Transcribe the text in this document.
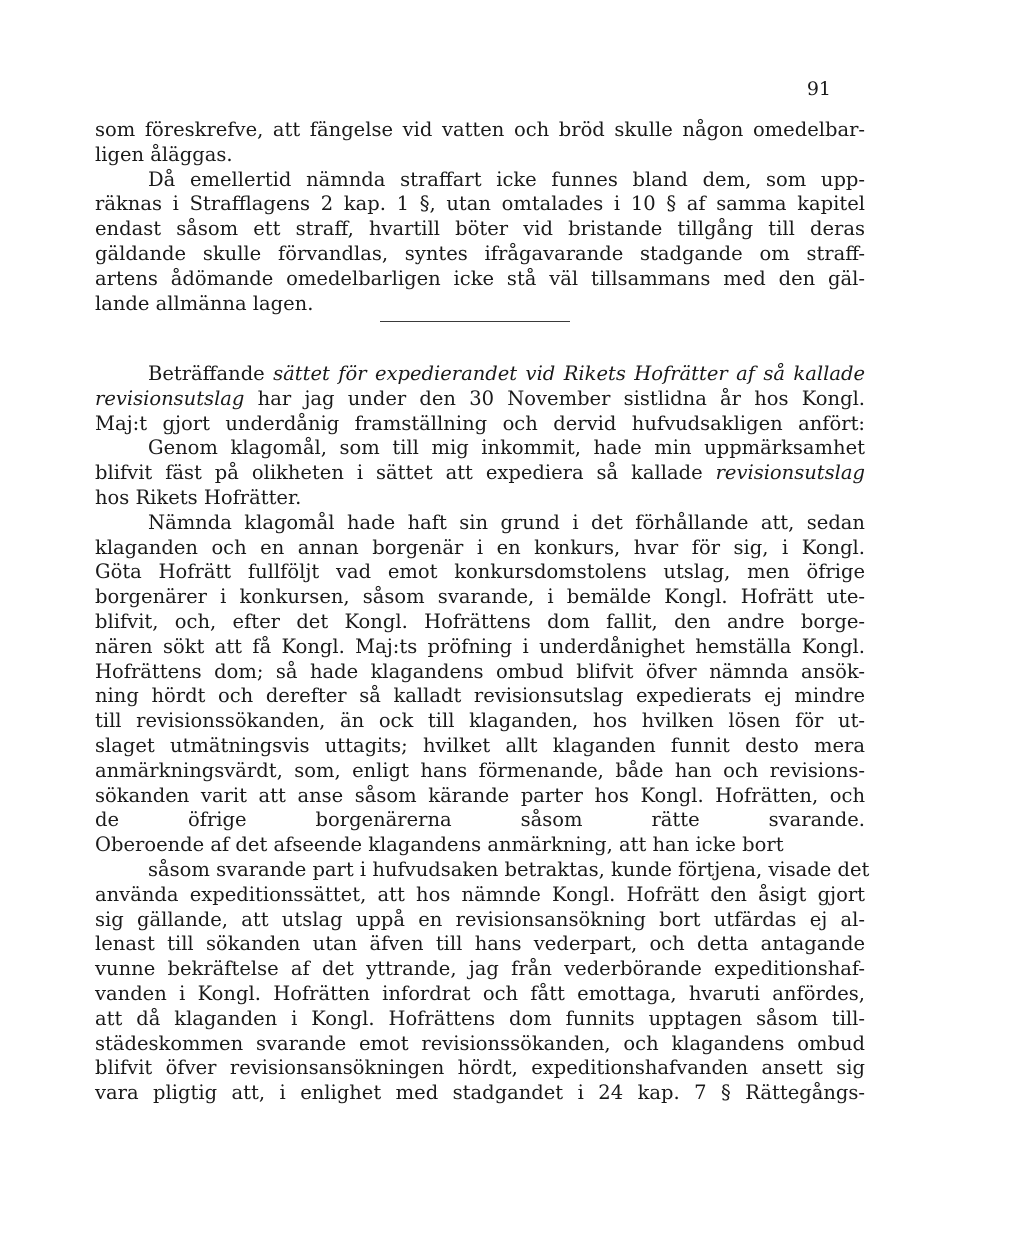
91
som föreskrefve, att fängelse vid vatten och bröd skulle någon omedelbar-
ligen åläggas.
Då emellertid nämnda straffart icke funnes bland dem, som upp-
räknas i Strafflagens 2 kap. 1 §, utan omtalades i 10 § af samma kapitel
endast såsom ett straff, hvartill böter vid bristande tillgång till deras
gäldande skulle förvandlas, syntes ifrågavarande stadgande om straff-
artens ådömande omedelbarligen icke stå väl tillsammans med den gäl-
lande allmänna lagen.
Beträffande sättet för expedierandet vid Rikets Hofrätter af så kallade
revisionsutslag har jag under den 30 November sistlidna år hos Kongl.
Maj:t gjort underdånig framställning och dervid hufvudsakligen anfört:
Genom klagomål, som till mig inkommit, hade min uppmärksamhet
blifvit fäst på olikheten i sättet att expediera så kallade revisionsutslag
hos Rikets Hofrätter.
Nämnda klagomål hade haft sin grund i det förhållande att, sedan
klaganden och en annan borgenär i en konkurs, hvar för sig, i Kongl.
Göta Hofrätt fullföljt vad emot konkursdomstolens utslag, men öfrige
borgenärer i konkursen, såsom svarande, i bemälde Kongl. Hofrätt ute-
blifvit, och, efter det Kongl. Hofrättens dom fallit, den andre borge-
nären sökt att få Kongl. Maj:ts pröfning i underdånighet hemställa Kongl.
Hofrättens dom; så hade klagandens ombud blifvit öfver nämnda ansök-
ning hördt och derefter så kalladt revisionsutslag expedierats ej mindre
till revisionssökanden, än ock till klaganden, hos hvilken lösen för ut-
slaget utmätningsvis uttagits; hvilket allt klaganden funnit desto mera
anmärkningsvärdt, som, enligt hans förmenande, både han och revisions-
sökanden varit att anse såsom kärande parter hos Kongl. Hofrätten, och
de öfrige borgenärerna såsom rätte svarande.
Oberoende af det afseende klagandens anmärkning, att han icke bort
såsom svarande part i hufvudsaken betraktas, kunde förtjena, visade det
använda expeditionssättet, att hos nämnde Kongl. Hofrätt den åsigt gjort
sig gällande, att utslag uppå en revisionsansökning bort utfärdas ej al-
lenast till sökanden utan äfven till hans vederpart, och detta antagande
vunne bekräftelse af det yttrande, jag från vederbörande expeditionshaf-
vanden i Kongl. Hofrätten infordrat och fått emottaga, hvaruti anfördes,
att då klaganden i Kongl. Hofrättens dom funnits upptagen såsom till-
städeskommen svarande emot revisionssökanden, och klagandens ombud
blifvit öfver revisionsansökningen hördt, expeditionshafvanden ansett sig
vara pligtig att, i enlighet med stadgandet i 24 kap. 7 § Rättegångs-
